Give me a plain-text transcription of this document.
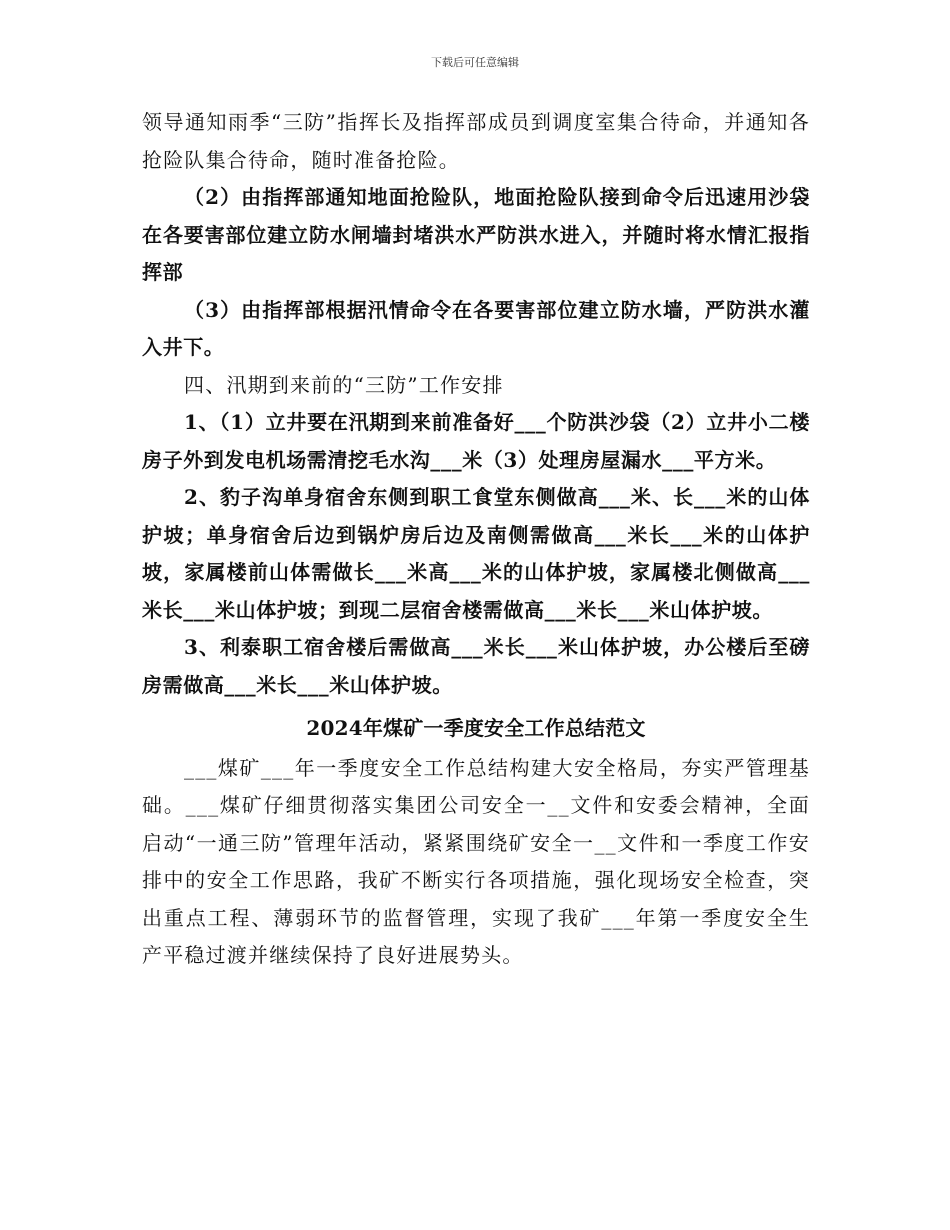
下载后可任意编辑

领导通知雨季“三防”指挥长及指挥部成员到调度室集合待命，并通知各抢险队集合待命，随时准备抢险。

（2）由指挥部通知地面抢险队，地面抢险队接到命令后迅速用沙袋在各要害部位建立防水闸墙封堵洪水严防洪水进入，并随时将水情汇报指挥部

（3）由指挥部根据汛情命令在各要害部位建立防水墙，严防洪水灌入井下。

四、汛期到来前的“三防”工作安排

1、（1）立井要在汛期到来前准备好___个防洪沙袋（2）立井小二楼房子外到发电机场需清挖毛水沟___米（3）处理房屋漏水___平方米。

2、豹子沟单身宿舍东侧到职工食堂东侧做高___米、长___米的山体护坡；单身宿舍后边到锅炉房后边及南侧需做高___米长___米的山体护坡，家属楼前山体需做长___米高___米的山体护坡，家属楼北侧做高___米长___米山体护坡；到现二层宿舍楼需做高___米长___米山体护坡。

3、利泰职工宿舍楼后需做高___米长___米山体护坡，办公楼后至磅房需做高___米长___米山体护坡。

2024年煤矿一季度安全工作总结范文

___煤矿___年一季度安全工作总结构建大安全格局，夯实严管理基础。___煤矿仔细贯彻落实集团公司安全一__文件和安委会精神，全面启动“一通三防”管理年活动，紧紧围绕矿安全一__文件和一季度工作安排中的安全工作思路，我矿不断实行各项措施，强化现场安全检查，突出重点工程、薄弱环节的监督管理，实现了我矿___年第一季度安全生产平稳过渡并继续保持了良好进展势头。
